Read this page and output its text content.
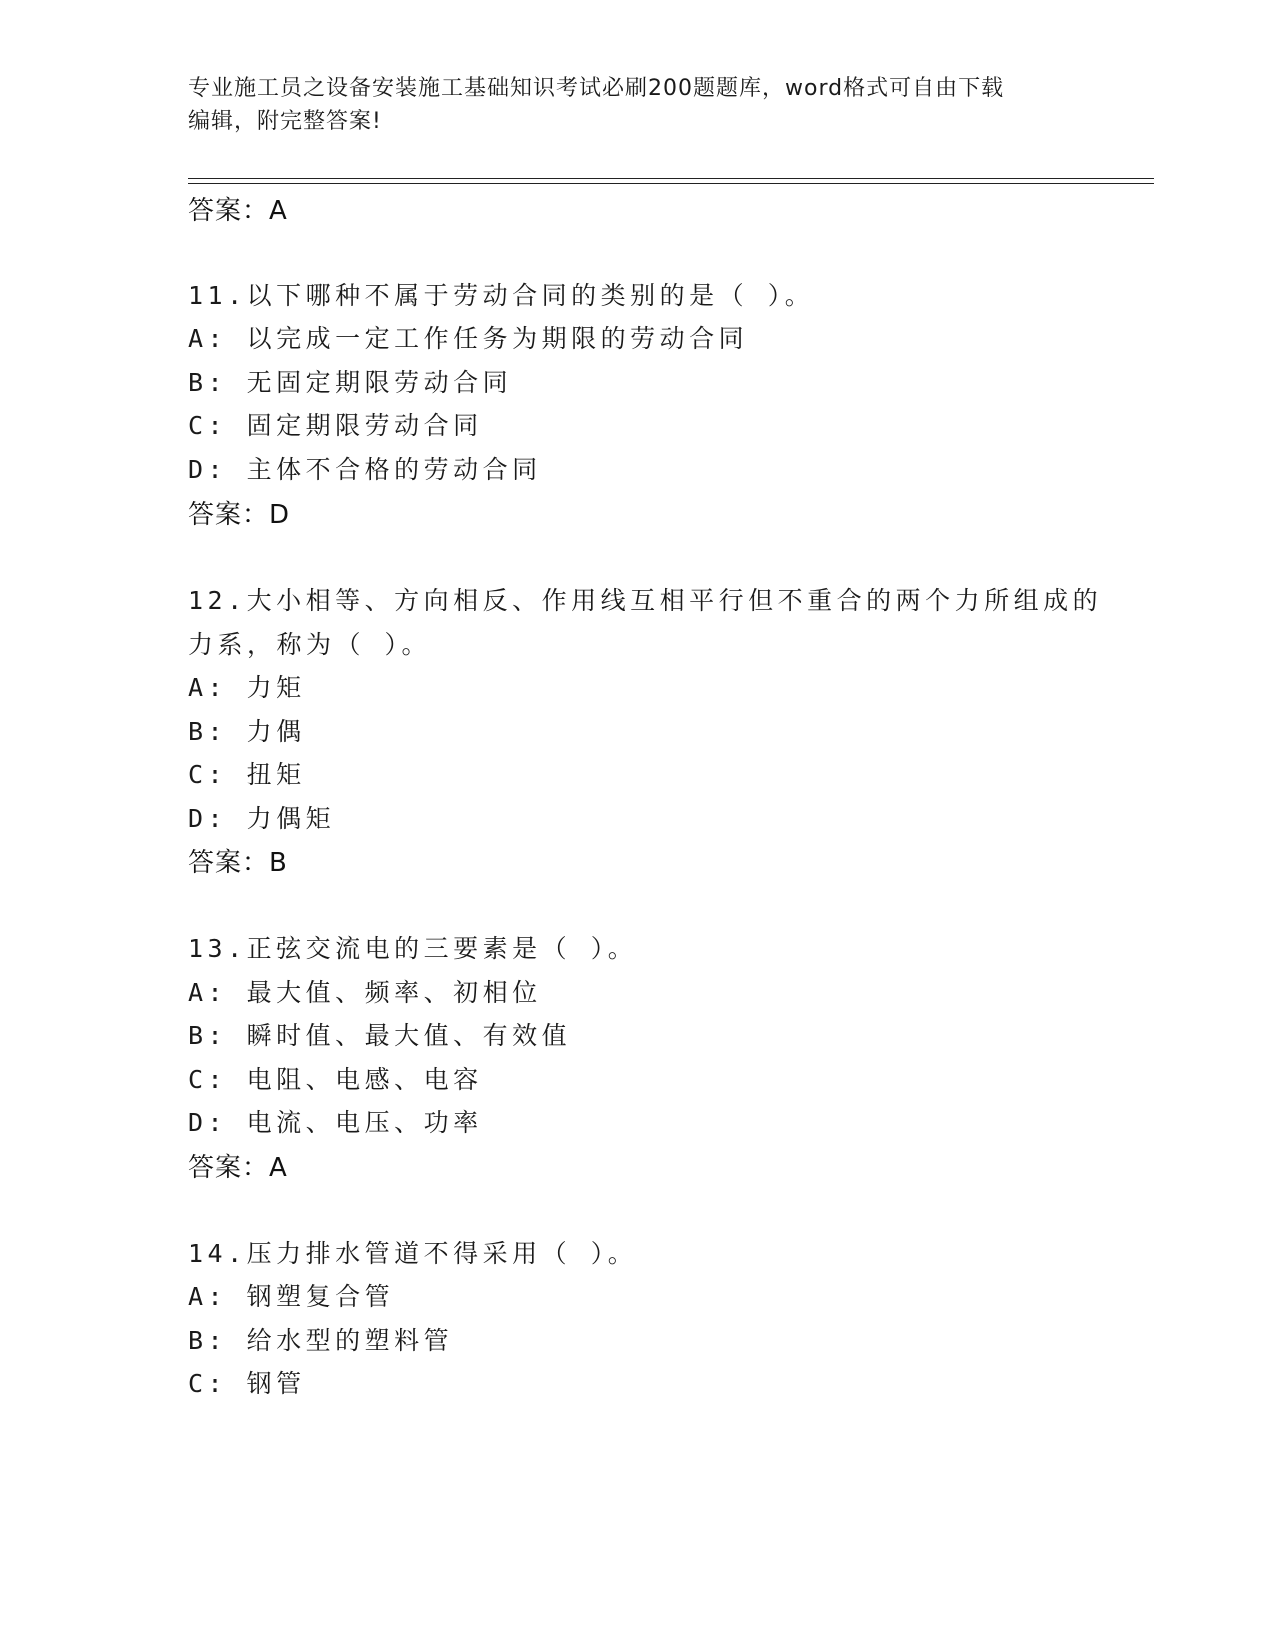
专业施工员之设备安装施工基础知识考试必刷200题题库，word格式可自由下载
编辑，附完整答案!
答案：A
11.以下哪种不属于劳动合同的类别的是（ ）。
A: 以完成一定工作任务为期限的劳动合同
B: 无固定期限劳动合同
C: 固定期限劳动合同
D: 主体不合格的劳动合同
答案：D
12.大小相等、方向相反、作用线互相平行但不重合的两个力所组成的
力系，称为（ ）。
A: 力矩
B: 力偶
C: 扭矩
D: 力偶矩
答案：B
13.正弦交流电的三要素是（ ）。
A: 最大值、频率、初相位
B: 瞬时值、最大值、有效值
C: 电阻、电感、电容
D: 电流、电压、功率
答案：A
14.压力排水管道不得采用（ ）。
A: 钢塑复合管
B: 给水型的塑料管
C: 钢管
